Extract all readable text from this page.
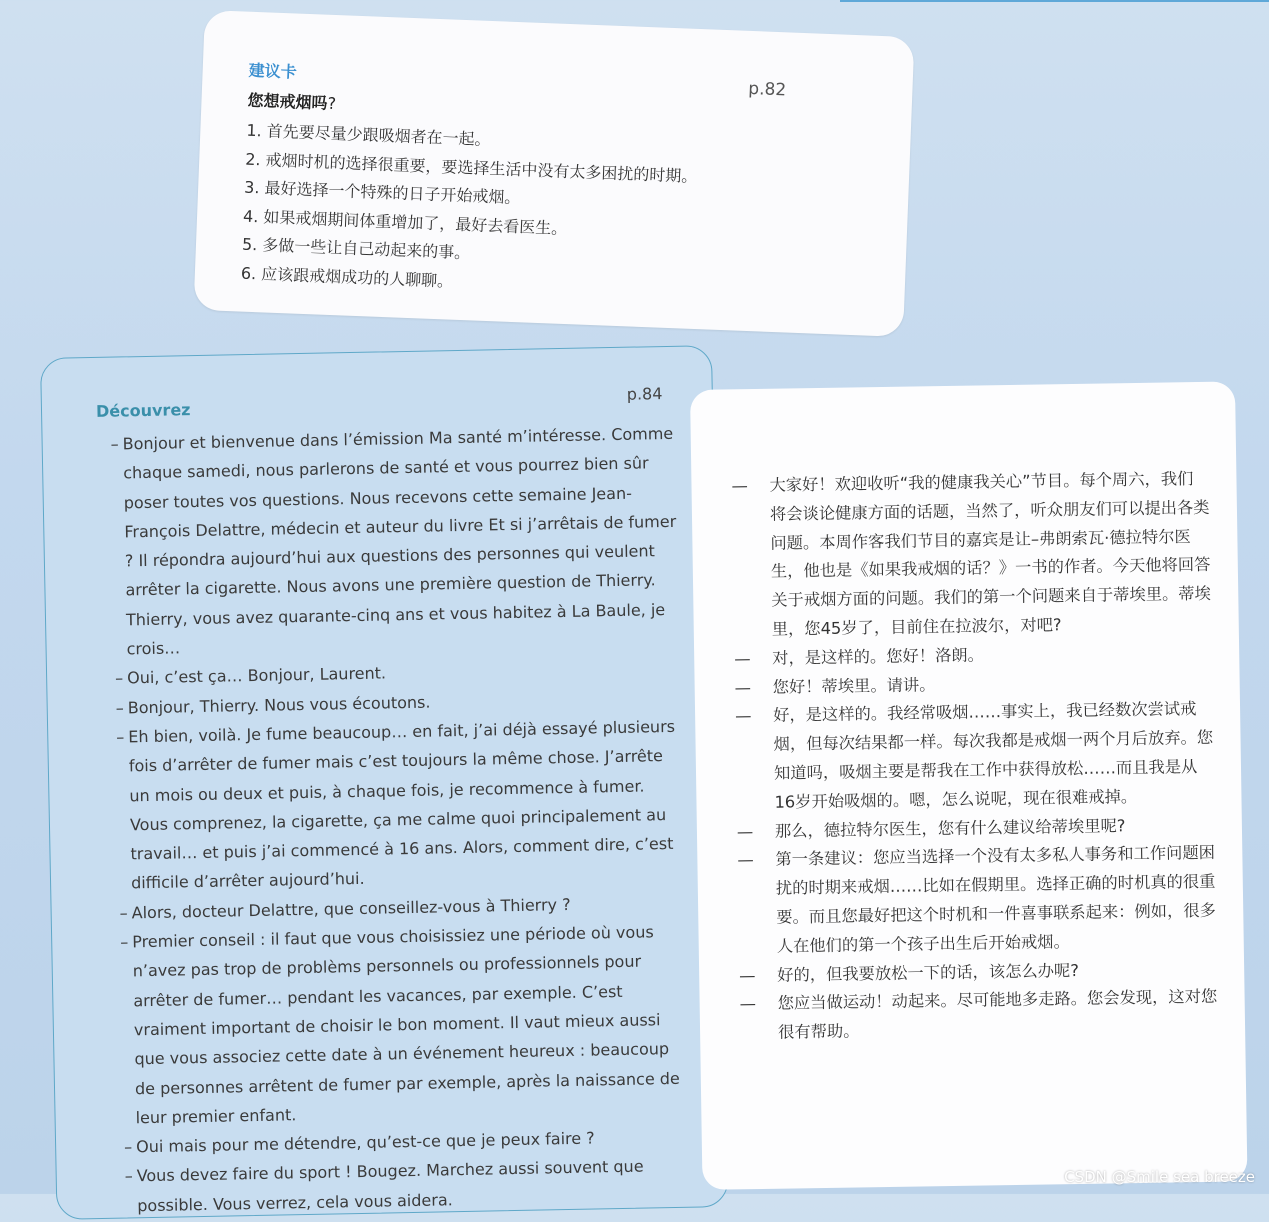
建议卡
p.82
您想戒烟吗?
1. 首先要尽量少跟吸烟者在一起。
2. 戒烟时机的选择很重要，要选择生活中没有太多困扰的时期。
3. 最好选择一个特殊的日子开始戒烟。
4. 如果戒烟期间体重增加了，最好去看医生。
5. 多做一些让自己动起来的事。
6. 应该跟戒烟成功的人聊聊。
Découvrez
p.84

– Bonjour et bienvenue dans l’émission Ma santé m’intéresse. Comme chaque samedi, nous parlerons de santé et vous pourrez bien sûr poser toutes vos questions. Nous recevons cette semaine Jean-François Delattre, médecin et auteur du livre Et si j’arrêtais de fumer ? Il répondra aujourd’hui aux questions des personnes qui veulent arrêter la cigarette. Nous avons une première question de Thierry. Thierry, vous avez quarante-cinq ans et vous habitez à La Baule, je crois…

– Oui, c’est ça… Bonjour, Laurent.

– Bonjour, Thierry. Nous vous écoutons.

– Eh bien, voilà. Je fume beaucoup… en fait, j’ai déjà essayé plusieurs fois d’arrêter de fumer mais c’est toujours la même chose. J’arrête un mois ou deux et puis, à chaque fois, je recommence à fumer. Vous comprenez, la cigarette, ça me calme quoi principalement au travail… et puis j’ai commencé à 16 ans. Alors, comment dire, c’est difficile d’arrêter aujourd’hui.

– Alors, docteur Delattre, que conseillez-vous à Thierry ?

– Premier conseil : il faut que vous choisissiez une période où vous n’avez pas trop de problèms personnels ou professionnels pour arrêter de fumer… pendant les vacances, par exemple. C’est vraiment important de choisir le bon moment. Il vaut mieux aussi que vous associez cette date à un événement heureux : beaucoup de personnes arrêtent de fumer par exemple, après la naissance de leur premier enfant.

– Oui mais pour me détendre, qu’est-ce que je peux faire ?

– Vous devez faire du sport ! Bougez. Marchez aussi souvent que possible. Vous verrez, cela vous aidera.

— 大家好！欢迎收听“我的健康我关心”节目。每个周六，我们将会谈论健康方面的话题，当然了，听众朋友们可以提出各类问题。本周作客我们节目的嘉宾是让–弗朗索瓦·德拉特尔医生，他也是《如果我戒烟的话？》一书的作者。今天他将回答关于戒烟方面的问题。我们的第一个问题来自于蒂埃里。蒂埃里，您45岁了，目前住在拉波尔，对吧?

— 对，是这样的。您好！洛朗。

— 您好！蒂埃里。请讲。

— 好，是这样的。我经常吸烟……事实上，我已经数次尝试戒烟，但每次结果都一样。每次我都是戒烟一两个月后放弃。您知道吗，吸烟主要是帮我在工作中获得放松……而且我是从16岁开始吸烟的。嗯，怎么说呢，现在很难戒掉。

— 那么，德拉特尔医生，您有什么建议给蒂埃里呢?

— 第一条建议：您应当选择一个没有太多私人事务和工作问题困扰的时期来戒烟……比如在假期里。选择正确的时机真的很重要。而且您最好把这个时机和一件喜事联系起来：例如，很多人在他们的第一个孩子出生后开始戒烟。

— 好的，但我要放松一下的话，该怎么办呢?

— 您应当做运动！动起来。尽可能地多走路。您会发现，这对您很有帮助。

CSDN @Smile sea breeze
